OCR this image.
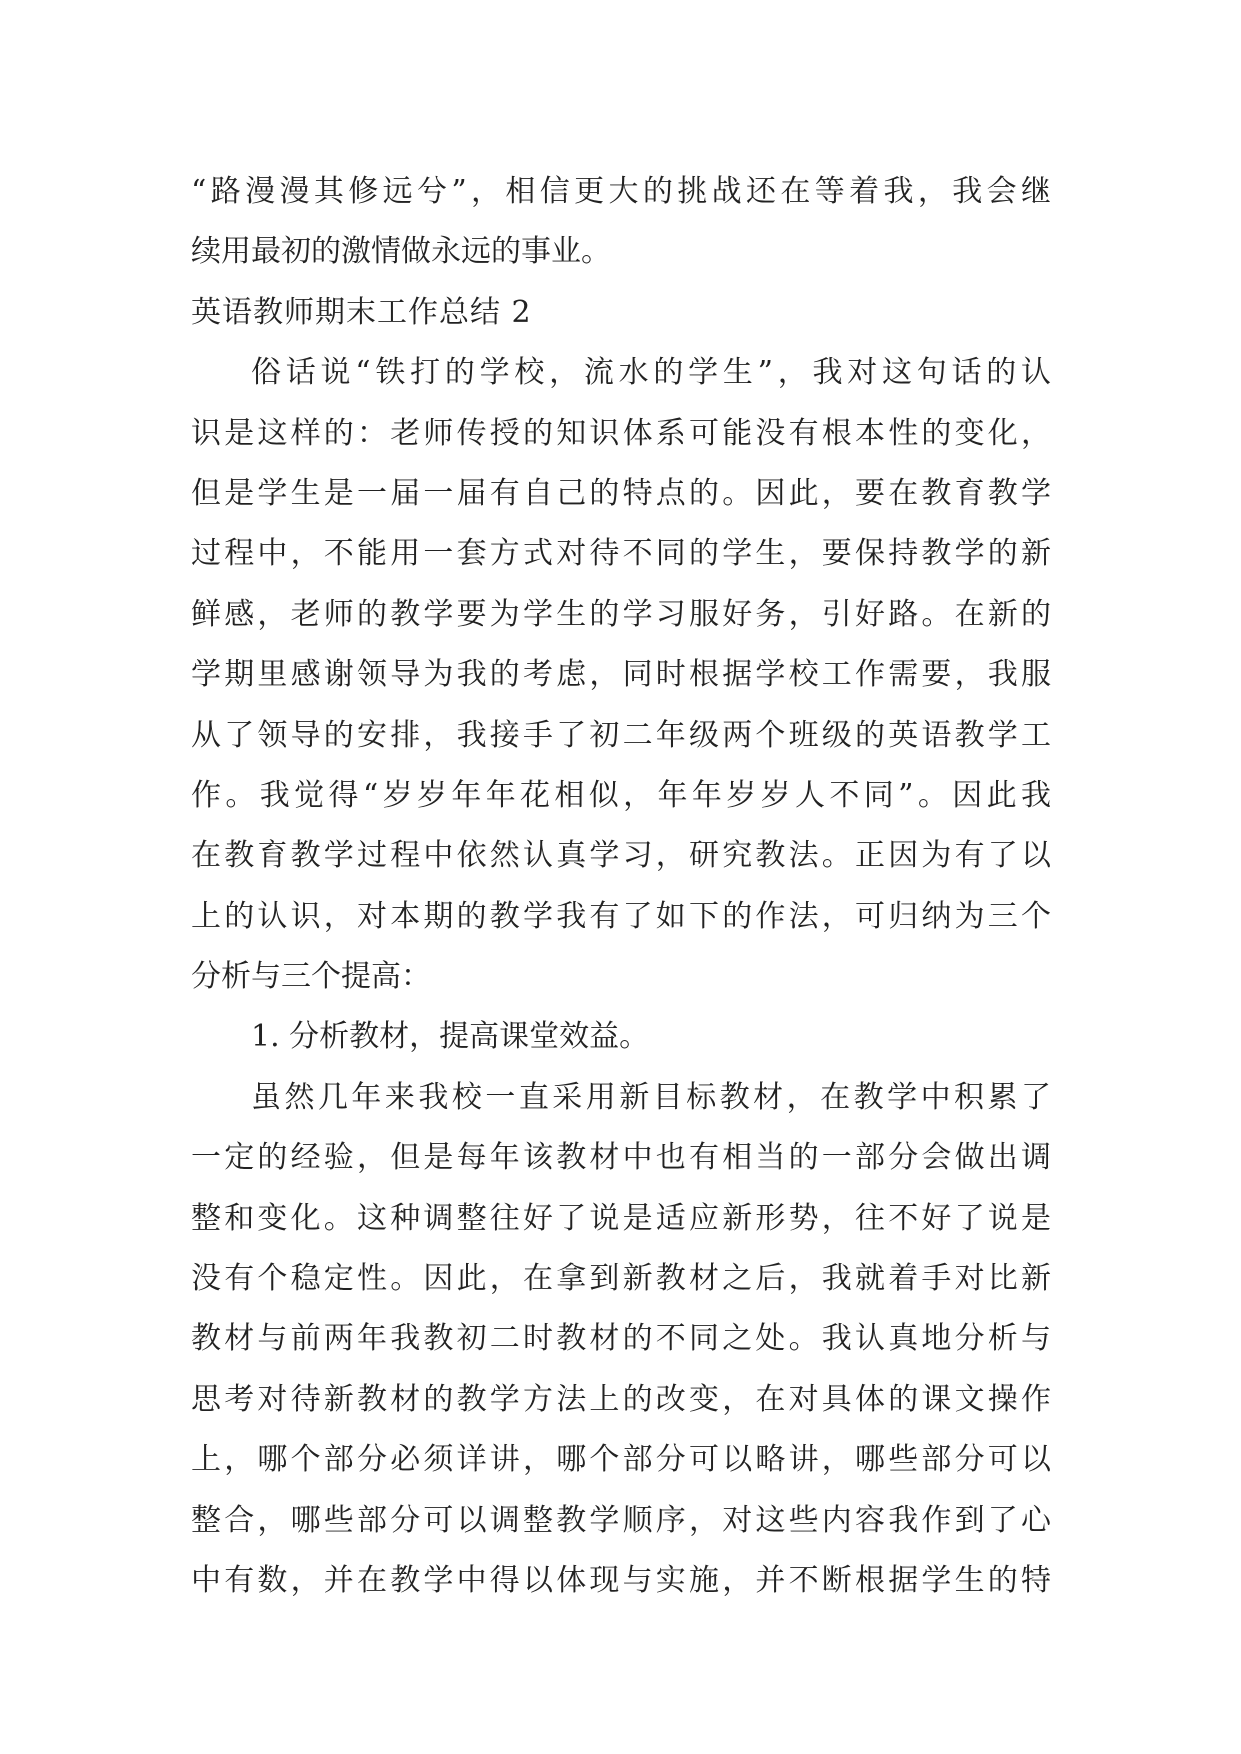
“路漫漫其修远兮”，相信更大的挑战还在等着我，我会继
续用最初的激情做永远的事业。
英语教师期末工作总结 2
俗话说“铁打的学校，流水的学生”，我对这句话的认
识是这样的：老师传授的知识体系可能没有根本性的变化，
但是学生是一届一届有自己的特点的。因此，要在教育教学
过程中，不能用一套方式对待不同的学生，要保持教学的新
鲜感，老师的教学要为学生的学习服好务，引好路。在新的
学期里感谢领导为我的考虑，同时根据学校工作需要，我服
从了领导的安排，我接手了初二年级两个班级的英语教学工
作。我觉得“岁岁年年花相似，年年岁岁人不同”。因此我
在教育教学过程中依然认真学习，研究教法。正因为有了以
上的认识，对本期的教学我有了如下的作法，可归纳为三个
分析与三个提高：
1. 分析教材，提高课堂效益。
虽然几年来我校一直采用新目标教材，在教学中积累了
一定的经验，但是每年该教材中也有相当的一部分会做出调
整和变化。这种调整往好了说是适应新形势，往不好了说是
没有个稳定性。因此，在拿到新教材之后，我就着手对比新
教材与前两年我教初二时教材的不同之处。我认真地分析与
思考对待新教材的教学方法上的改变，在对具体的课文操作
上，哪个部分必须详讲，哪个部分可以略讲，哪些部分可以
整合，哪些部分可以调整教学顺序，对这些内容我作到了心
中有数，并在教学中得以体现与实施，并不断根据学生的特
